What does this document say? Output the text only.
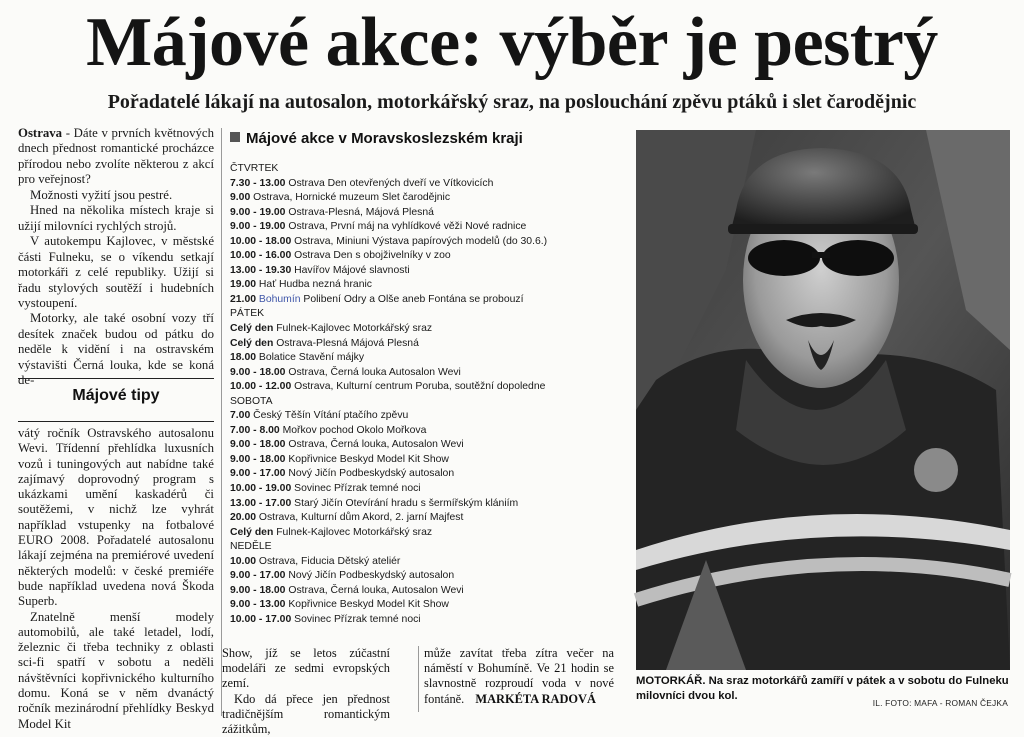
Májové akce: výběr je pestrý
Pořadatelé lákají na autosalon, motorkářský sraz, na poslouchání zpěvu ptáků i slet čarodějnic

Ostrava - Dáte v prvních květnových dnech přednost romantické procházce přírodou nebo zvolíte některou z akcí pro veřejnost?

Možnosti vyžití jsou pestré.

Hned na několika místech kraje si užijí milovníci rychlých strojů.

V autokempu Kajlovec, v městské části Fulneku, se o víkendu setkají motorkáři z celé republiky. Užijí si řadu stylových soutěží i hudebních vystoupení.

Motorky, ale také osobní vozy tří desítek značek budou od pátku do neděle k vidění i na ostravském výstavišti Černá louka, kde se koná de-

Májové tipy

vátý ročník Ostravského autosalonu Wevi. Třídenní přehlídka luxusních vozů i tuningových aut nabídne také zajímavý doprovodný program s ukázkami umění kaskadérů či soutěžemi, v nichž lze vyhrát například vstupenky na fotbalové EURO 2008. Pořadatelé autosalonu lákají zejména na premiérové uvedení některých modelů: v české premiéře bude například uvedena nová Škoda Superb.

Znatelně menší modely automobilů, ale také letadel, lodí, železnic či třeba techniky z oblasti sci-fi spatří v sobotu a neděli návštěvníci kopřivnického kulturního domu. Koná se v něm dvanáctý ročník mezinárodní přehlídky Beskyd Model Kit

Májové akce v Moravskoslezském kraji
ČTVRTEK
7.30 - 13.00 Ostrava Den otevřených dveří ve Vítkovicích
9.00 Ostrava, Hornické muzeum Slet čarodějnic
9.00 - 19.00 Ostrava-Plesná, Májová Plesná
9.00 - 19.00 Ostrava, První máj na vyhlídkové věži Nové radnice
10.00 - 18.00 Ostrava, Miniuni Výstava papírových modelů (do 30.6.)
10.00 - 16.00 Ostrava Den s obojživelníky v zoo
13.00 - 19.30 Havířov Májové slavnosti
19.00 Hať Hudba nezná hranic
21.00 Bohumín Polibení Odry a Olše aneb Fontána se probouzí
PÁTEK
Celý den Fulnek-Kajlovec Motorkářský sraz
Celý den Ostrava-Plesná Májová Plesná
18.00 Bolatice Stavění májky
9.00 - 18.00 Ostrava, Černá louka Autosalon Wevi
10.00 - 12.00 Ostrava, Kulturní centrum Poruba, soutěžní dopoledne
SOBOTA
7.00 Český Těšín Vítání ptačího zpěvu
7.00 - 8.00 Mořkov pochod Okolo Mořkova
9.00 - 18.00 Ostrava, Černá louka, Autosalon Wevi
9.00 - 18.00 Kopřivnice Beskyd Model Kit Show
9.00 - 17.00 Nový Jičín Podbeskydský autosalon
10.00 - 19.00 Sovinec Přízrak temné noci
13.00 - 17.00 Starý Jičín Otevírání hradu s šermířským klániím
20.00 Ostrava, Kulturní dům Akord, 2. jarní Majfest
Celý den Fulnek-Kajlovec Motorkářský sraz
NEDĚLE
10.00 Ostrava, Fiducia Dětský ateliér
9.00 - 17.00 Nový Jičín Podbeskydský autosalon
9.00 - 18.00 Ostrava, Černá louka, Autosalon Wevi
9.00 - 13.00 Kopřivnice Beskyd Model Kit Show
10.00 - 17.00 Sovinec Přízrak temné noci

Show, jíž se letos zúčastní modeláři ze sedmi evropských zemí.

Kdo dá přece jen přednost tradičnějším romantickým zážitkům,

může zavítat třeba zítra večer na náměstí v Bohumíně. Ve 21 hodin se slavnostně rozproudí voda v nové fontáně. MARKÉTA RADOVÁ
MOTORKÁŘ. Na sraz motorkářů zamíří v pátek a v sobotu do Fulneku milovníci dvou kol.
IL. FOTO: MAFA - ROMAN ČEJKA
